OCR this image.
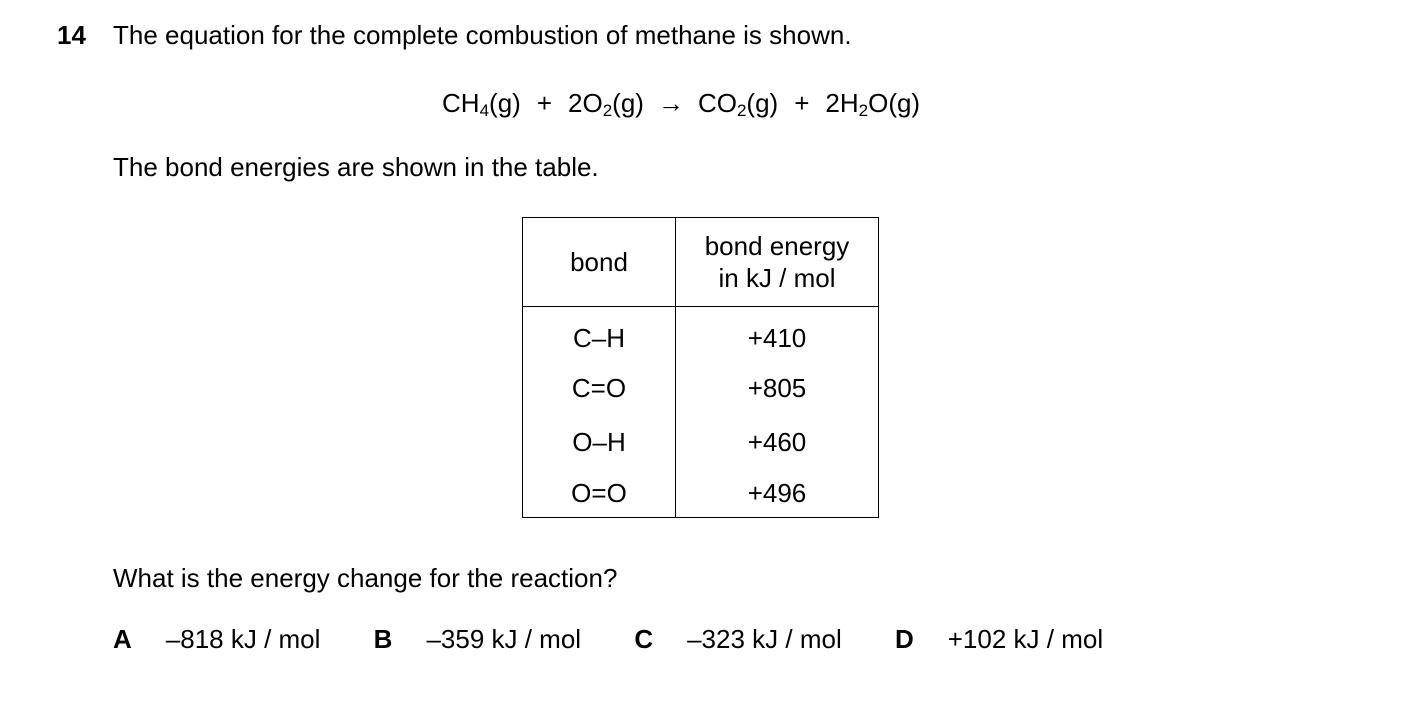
14 The equation for the complete combustion of methane is shown.
$CH_4(g) + 2O_2(g) \to CO_2(g) + 2H_2O(g)$
The bond energies are shown in the table.
bond	bond energy
in kJ / mol

C–H	+410
C=O	+805
O–H	+460
O=O	+496
What is the energy change for the reaction?
A –818 kJ / mol B –359 kJ / mol C –323 kJ / mol D +102 kJ / mol
